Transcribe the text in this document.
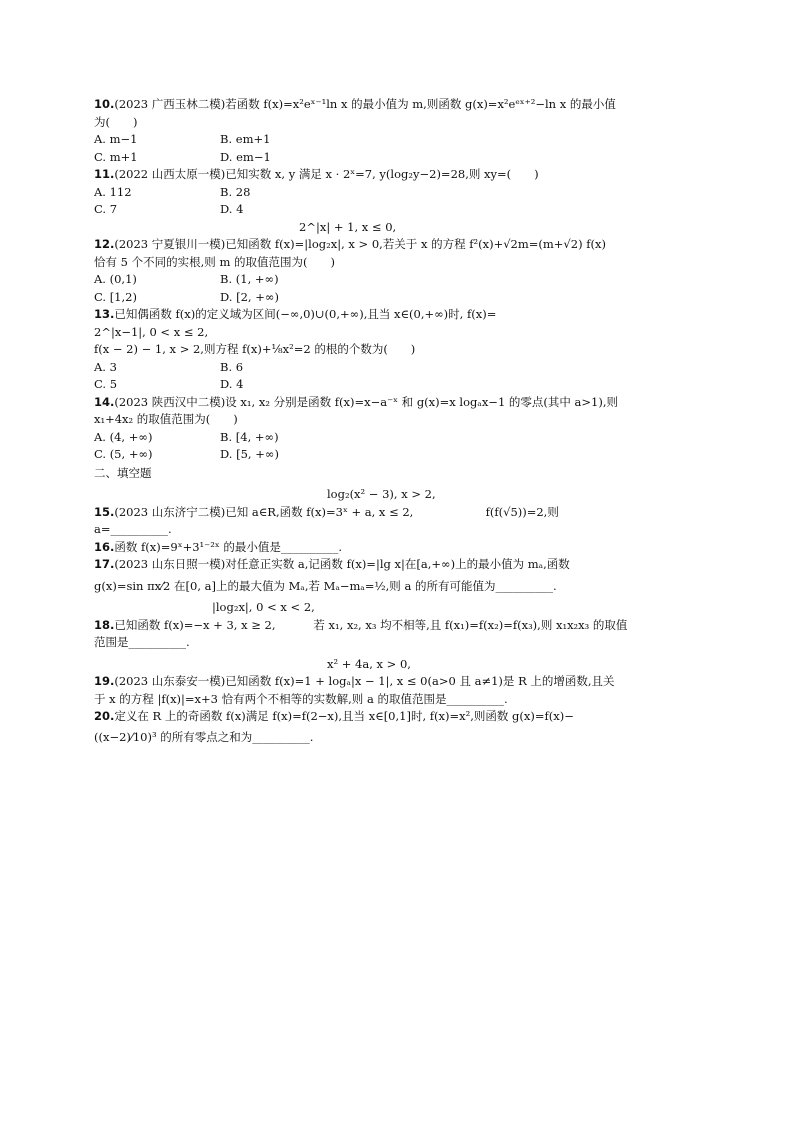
10.(2023 广西玉林二模)若函数 f(x)=x²eˣ⁻¹ln x 的最小值为 m,则函数 g(x)=x²eᵉˣ⁺²−ln x 的最小值
为(　　)
A. m−1	B. em+1
C. m+1	D. em−1
11.(2022 山西太原一模)已知实数 x, y 满足 x · 2ˣ=7, y(log₂y−2)=28,则 xy=(　　)
A. 112	B. 28
C. 7	D. 4
2^|x| + 1, x ≤ 0,
12.(2023 宁夏银川一模)已知函数 f(x)=|log₂x|, x > 0,若关于 x 的方程 f²(x)+√2m=(m+√2) f(x)
恰有 5 个不同的实根,则 m 的取值范围为(　　)
A. (0,1)	B. (1, +∞)
C. [1,2)	D. [2, +∞)
13.已知偶函数 f(x)的定义域为区间(−∞,0)∪(0,+∞),且当 x∈(0,+∞)时, f(x)=
2^|x−1|, 0 < x ≤ 2,
f(x − 2) − 1, x > 2,则方程 f(x)+¹⁄₈x²=2 的根的个数为(　　)
A. 3	B. 6
C. 5	D. 4
14.(2023 陕西汉中二模)设 x₁, x₂ 分别是函数 f(x)=x−a⁻ˣ 和 g(x)=x logₐx−1 的零点(其中 a>1),则
x₁+4x₂ 的取值范围为(　　)
A. (4, +∞)	B. [4, +∞)
C. (5, +∞)	D. [5, +∞)
二、填空题
log₂(x² − 3), x > 2,
15.(2023 山东济宁二模)已知 a∈R,函数 f(x)=3ˣ + a, x ≤ 2,	f(f(√5))=2,则
a=__________.
16.函数 f(x)=9ˣ+3¹⁻²ˣ 的最小值是__________.
17.(2023 山东日照一模)对任意正实数 a,记函数 f(x)=|lg x|在[a,+∞)上的最小值为 mₐ,函数
g(x)=sin πx⁄2 在[0, a]上的最大值为 Mₐ,若 Mₐ−mₐ=½,则 a 的所有可能值为__________.
|log₂x|, 0 < x < 2,
18.已知函数 f(x)=−x + 3, x ≥ 2,	若 x₁, x₂, x₃ 均不相等,且 f(x₁)=f(x₂)=f(x₃),则 x₁x₂x₃ 的取值
范围是__________.
x² + 4a, x > 0,
19.(2023 山东泰安一模)已知函数 f(x)=1 + logₐ|x − 1|, x ≤ 0(a>0 且 a≠1)是 R 上的增函数,且关
于 x 的方程 |f(x)|=x+3 恰有两个不相等的实数解,则 a 的取值范围是__________.
20.定义在 R 上的奇函数 f(x)满足 f(x)=f(2−x),且当 x∈[0,1]时, f(x)=x²,则函数 g(x)=f(x)−
((x−2)⁄10)³ 的所有零点之和为__________.
